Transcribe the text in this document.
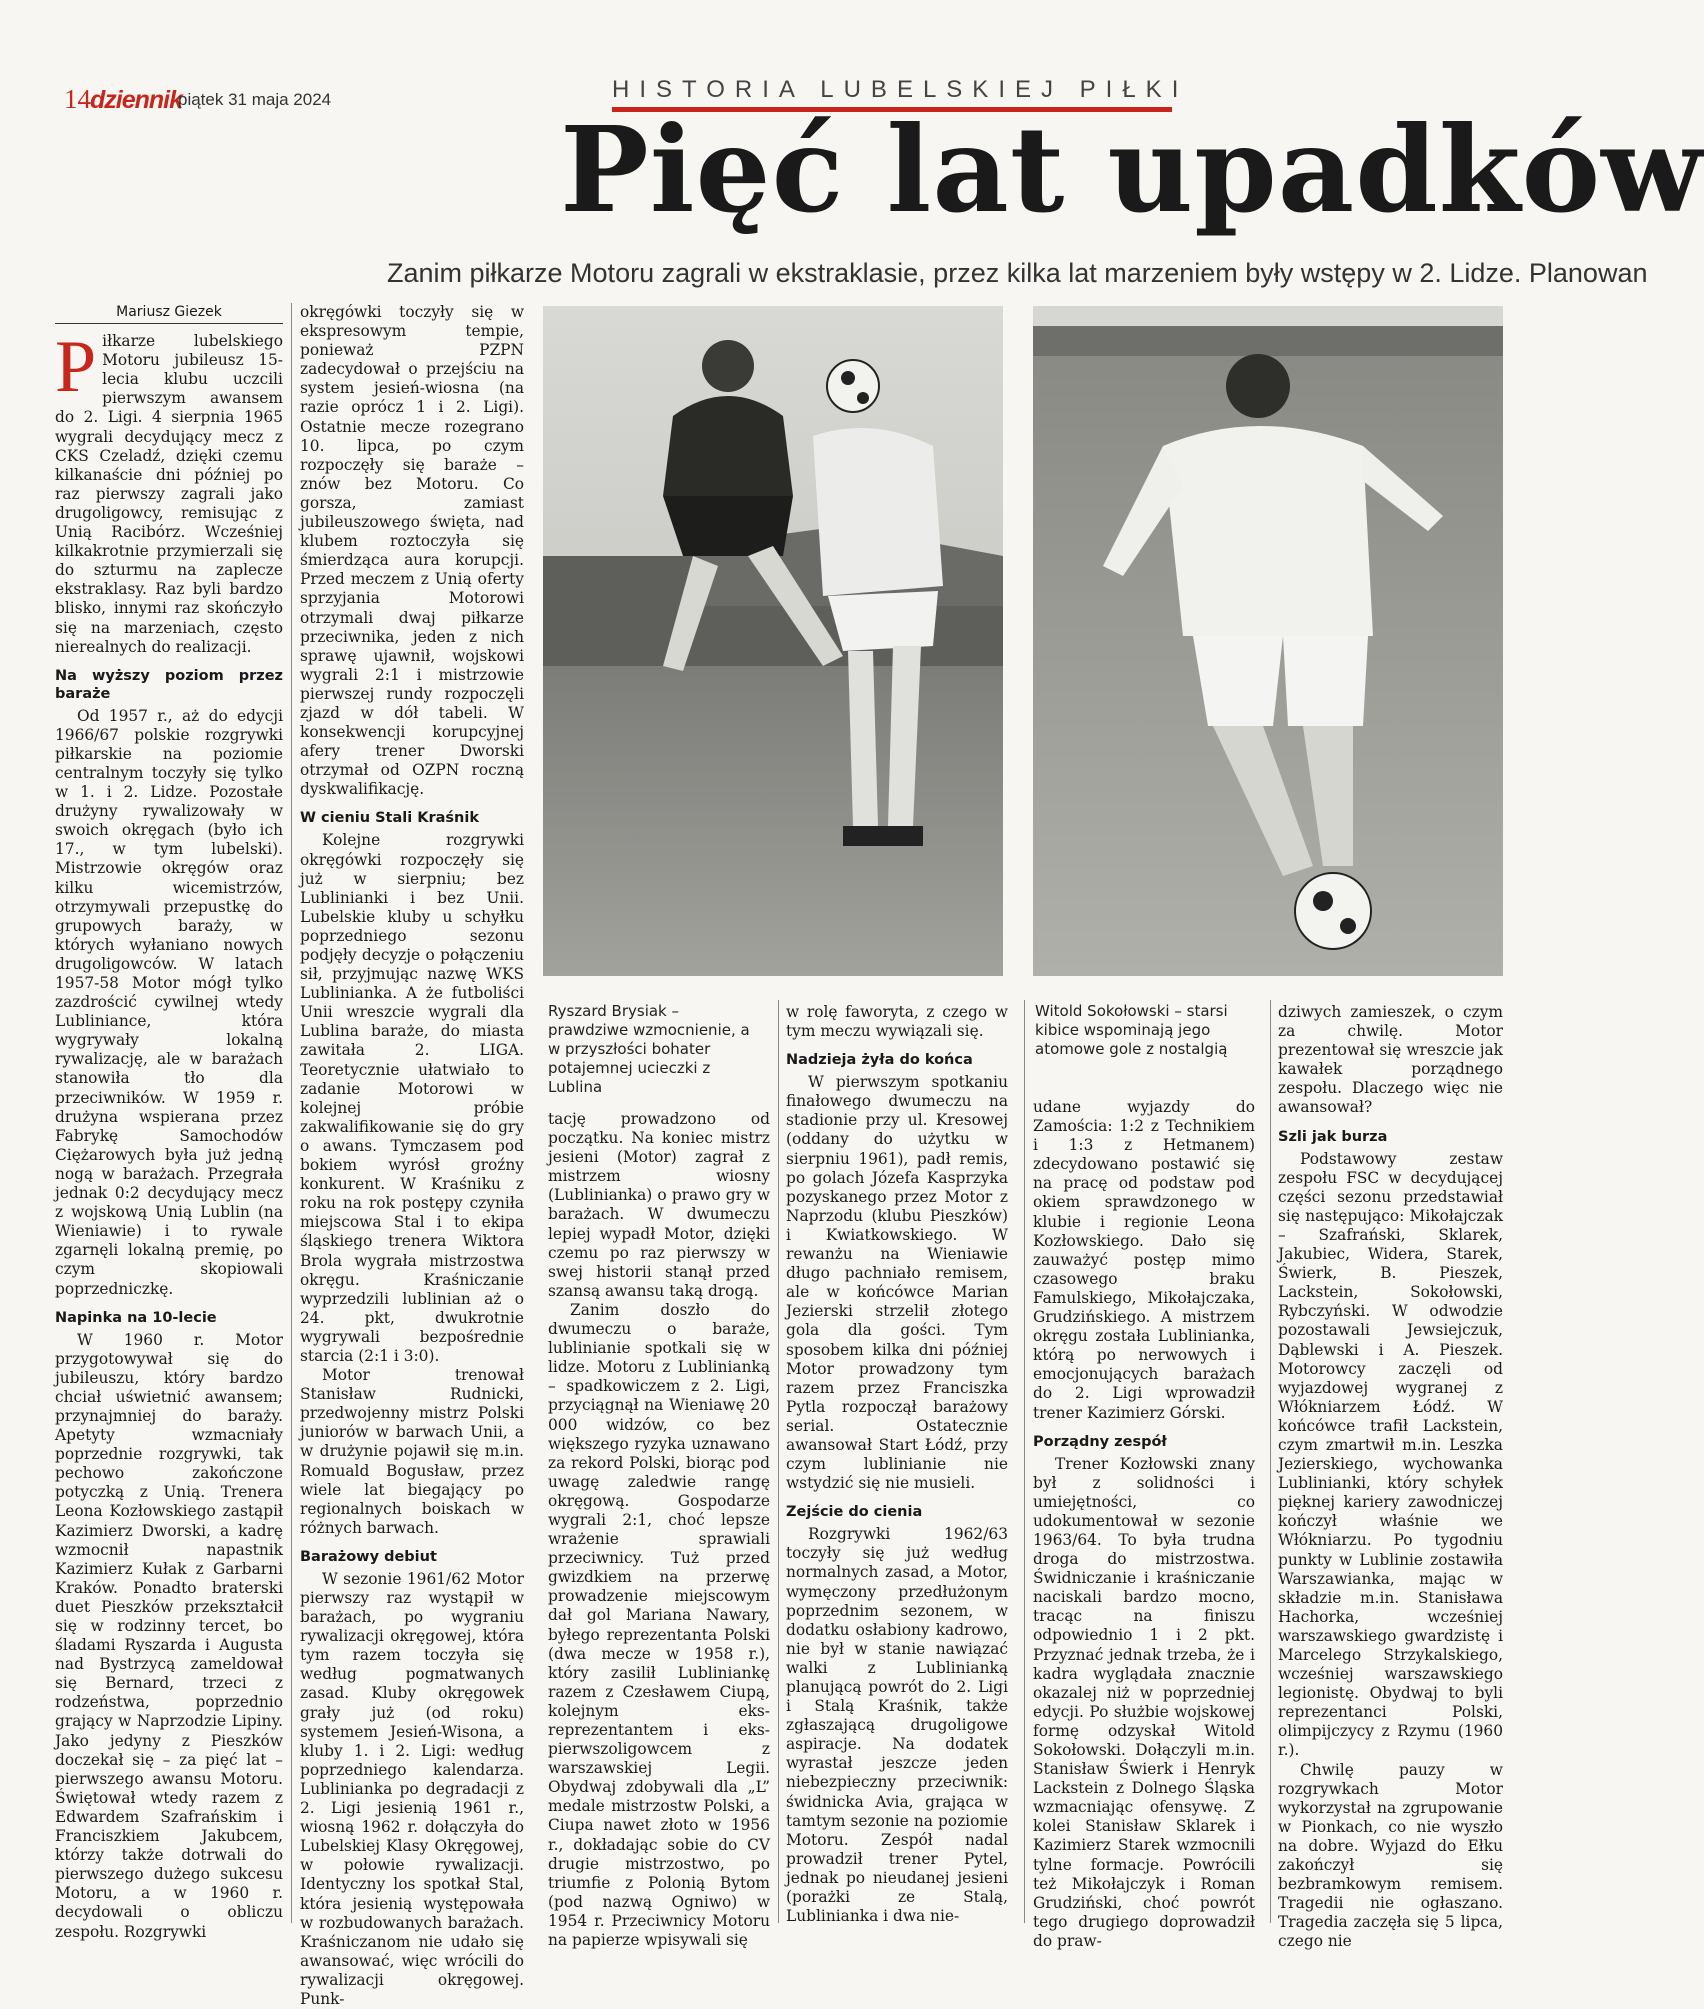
14 dziennik
piątek 31 maja 2024	HISTORIA LUBELSKIEJ PIŁKI
Pięć lat upadków
Zanim piłkarze Motoru zagrali w ekstraklasie, przez kilka lat marzeniem były wstępy w 2. Lidze. Planowan
Mariusz Giezek

Piłkarze lubelskiego Motoru jubileusz 15-lecia klubu uczcili pierwszym awansem do 2. Ligi. 4 sierpnia 1965 wygrali decydujący mecz z CKS Czeladź, dzięki czemu kilkanaście dni później po raz pierwszy zagrali jako drugoligowcy, remisując z Unią Racibórz. Wcześniej kilkakrotnie przymierzali się do szturmu na zaplecze ekstraklasy. Raz byli bardzo blisko, innymi raz skończyło się na marzeniach, często nierealnych do realizacji.

Na wyższy poziom przez baraże

Od 1957 r., aż do edycji 1966/67 polskie rozgrywki piłkarskie na poziomie centralnym toczyły się tylko w 1. i 2. Lidze. Pozostałe drużyny rywalizowały w swoich okręgach (było ich 17., w tym lubelski). Mistrzowie okręgów oraz kilku wicemistrzów, otrzymywali przepustkę do grupowych baraży, w których wyłaniano nowych drugoligowców. W latach 1957-58 Motor mógł tylko zazdrościć cywilnej wtedy Lubliniance, która wygrywały lokalną rywalizację, ale w barażach stanowiła tło dla przeciwników. W 1959 r. drużyna wspierana przez Fabrykę Samochodów Ciężarowych była już jedną nogą w barażach. Przegrała jednak 0:2 decydujący mecz z wojskową Unią Lublin (na Wieniawie) i to rywale zgarnęli lokalną premię, po czym skopiowali poprzedniczkę.

Napinka na 10-lecie

W 1960 r. Motor przygotowywał się do jubileuszu, który bardzo chciał uświetnić awansem; przynajmniej do baraży. Apetyty wzmacniały poprzednie rozgrywki, tak pechowo zakończone potyczką z Unią. Trenera Leona Kozłowskiego zastąpił Kazimierz Dworski, a kadrę wzmocnił napastnik Kazimierz Kułak z Garbarni Kraków. Ponadto braterski duet Pieszków przekształcił się w rodzinny tercet, bo śladami Ryszarda i Augusta nad Bystrzycą zameldował się Bernard, trzeci z rodzeństwa, poprzednio grający w Naprzodzie Lipiny. Jako jedyny z Pieszków doczekał się – za pięć lat – pierwszego awansu Motoru. Świętował wtedy razem z Edwardem Szafrańskim i Franciszkiem Jakubcem, którzy także dotrwali do pierwszego dużego sukcesu Motoru, a w 1960 r. decydowali o obliczu zespołu. Rozgrywki

okręgówki toczyły się w ekspresowym tempie, ponieważ PZPN zadecydował o przejściu na system jesień-wiosna (na razie oprócz 1 i 2. Ligi). Ostatnie mecze rozegrano 10. lipca, po czym rozpoczęły się baraże – znów bez Motoru. Co gorsza, zamiast jubileuszowego święta, nad klubem roztoczyła się śmierdząca aura korupcji. Przed meczem z Unią oferty sprzyjania Motorowi otrzymali dwaj piłkarze przeciwnika, jeden z nich sprawę ujawnił, wojskowi wygrali 2:1 i mistrzowie pierwszej rundy rozpoczęli zjazd w dół tabeli. W konsekwencji korupcyjnej afery trener Dworski otrzymał od OZPN roczną dyskwalifikację.

W cieniu Stali Kraśnik

Kolejne rozgrywki okręgówki rozpoczęły się już w sierpniu; bez Lublinianki i bez Unii. Lubelskie kluby u schyłku poprzedniego sezonu podjęły decyzje o połączeniu sił, przyjmując nazwę WKS Lublinianka. A że futboliści Unii wreszcie wygrali dla Lublina baraże, do miasta zawitała 2. LIGA. Teoretycznie ułatwiało to zadanie Motorowi w kolejnej próbie zakwalifikowanie się do gry o awans. Tymczasem pod bokiem wyrósł groźny konkurent. W Kraśniku z roku na rok postępy czyniła miejscowa Stal i to ekipa śląskiego trenera Wiktora Brola wygrała mistrzostwa okręgu. Kraśniczanie wyprzedzili lublinian aż o 24. pkt, dwukrotnie wygrywali bezpośrednie starcia (2:1 i 3:0).

Motor trenował Stanisław Rudnicki, przedwojenny mistrz Polski juniorów w barwach Unii, a w drużynie pojawił się m.in. Romuald Bogusław, przez wiele lat biegający po regionalnych boiskach w różnych barwach.

Barażowy debiut

W sezonie 1961/62 Motor pierwszy raz wystąpił w barażach, po wygraniu rywalizacji okręgowej, która tym razem toczyła się według pogmatwanych zasad. Kluby okręgowek grały już (od roku) systemem Jesień-Wisona, a kluby 1. i 2. Ligi: według poprzedniego kalendarza. Lublinianka po degradacji z 2. Ligi jesienią 1961 r., wiosną 1962 r. dołączyła do Lubelskiej Klasy Okręgowej, w połowie rywalizacji. Identyczny los spotkał Stal, która jesienią występowała w rozbudowanych barażach. Kraśniczanom nie udało się awansować, więc wrócili do rywalizacji okręgowej. Punk-

Ryszard Brysiak – prawdziwe wzmocnienie, a w przyszłości bohater potajemnej ucieczki z Lublina

w rolę faworyta, z czego w tym meczu wywiązali się.

Nadzieja żyła do końca

W pierwszym spotkaniu finałowego dwumeczu na stadionie przy ul. Kresowej (oddany do użytku w sierpniu 1961), padł remis, po golach Józefa Kasprzyka pozyskanego przez Motor z Naprzodu (klubu Pieszków) i Kwiatkowskiego. W rewanżu na Wieniawie długo pachniało remisem, ale w końcówce Marian Jezierski strzelił złotego gola dla gości. Tym sposobem kilka dni później Motor prowadzony tym razem przez Franciszka Pytla rozpoczął barażowy serial. Ostatecznie awansował Start Łódź, przy czym lublinianie nie wstydzić się nie musieli.

Zejście do cienia

Rozgrywki 1962/63 toczyły się już według normalnych zasad, a Motor, wymęczony przedłużonym poprzednim sezonem, w dodatku osłabiony kadrowo, nie był w stanie nawiązać walki z Lublinianką planującą powrót do 2. Ligi i Stalą Kraśnik, także zgłaszającą drugoligowe aspiracje. Na dodatek wyrastał jeszcze jeden niebezpieczny przeciwnik: świdnicka Avia, grająca w tamtym sezonie na poziomie Motoru. Zespół nadal prowadził trener Pytel, jednak po nieudanej jesieni (porażki ze Stalą, Lublinianka i dwa nie-

tację prowadzono od początku. Na koniec mistrz jesieni (Motor) zagrał z mistrzem wiosny (Lublinianka) o prawo gry w barażach. W dwumeczu lepiej wypadł Motor, dzięki czemu po raz pierwszy w swej historii stanął przed szansą awansu taką drogą.

Zanim doszło do dwumeczu o baraże, lublinianie spotkali się w lidze. Motoru z Lublinianką – spadkowiczem z 2. Ligi, przyciągnął na Wieniawę 20 000 widzów, co bez większego ryzyka uznawano za rekord Polski, biorąc pod uwagę zaledwie rangę okręgową. Gospodarze wygrali 2:1, choć lepsze wrażenie sprawiali przeciwnicy. Tuż przed gwizdkiem na przerwę prowadzenie miejscowym dał gol Mariana Nawary, byłego reprezentanta Polski (dwa mecze w 1958 r.), który zasilił Lubliniankę razem z Czesławem Ciupą, kolejnym eks-reprezentantem i eks-pierwszoligowcem z warszawskiej Legii. Obydwaj zdobywali dla „L” medale mistrzostw Polski, a Ciupa nawet złoto w 1956 r., dokładając sobie do CV drugie mistrzostwo, po triumfie z Polonią Bytom (pod nazwą Ogniwo) w 1954 r. Przeciwnicy Motoru na papierze wpisywali się

Witold Sokołowski – starsi kibice wspominają jego atomowe gole z nostalgią

udane wyjazdy do Zamościa: 1:2 z Technikiem i 1:3 z Hetmanem) zdecydowano postawić się na pracę od podstaw pod okiem sprawdzonego w klubie i regionie Leona Kozłowskiego. Dało się zauważyć postęp mimo czasowego braku Famulskiego, Mikołajczaka, Grudzińskiego. A mistrzem okręgu została Lublinianka, którą po nerwowych i emocjonujących barażach do 2. Ligi wprowadził trener Kazimierz Górski.

Porządny zespół

Trener Kozłowski znany był z solidności i umiejętności, co udokumentował w sezonie 1963/64. To była trudna droga do mistrzostwa. Świdniczanie i kraśniczanie naciskali bardzo mocno, tracąc na finiszu odpowiednio 1 i 2 pkt. Przyznać jednak trzeba, że i kadra wyglądała znacznie okazalej niż w poprzedniej edycji. Po służbie wojskowej formę odzyskał Witold Sokołowski. Dołączyli m.in. Stanisław Świerk i Henryk Lackstein z Dolnego Śląska wzmacniając ofensywę. Z kolei Stanisław Sklarek i Kazimierz Starek wzmocnili tylne formacje. Powrócili też Mikołajczyk i Roman Grudziński, choć powrót tego drugiego doprowadził do praw-

dziwych zamieszek, o czym za chwilę. Motor prezentował się wreszcie jak kawałek porządnego zespołu. Dlaczego więc nie awansował?

Szli jak burza

Podstawowy zestaw zespołu FSC w decydującej części sezonu przedstawiał się następująco: Mikołajczak – Szafrański, Sklarek, Jakubiec, Widera, Starek, Świerk, B. Pieszek, Lackstein, Sokołowski, Rybczyński. W odwodzie pozostawali Jewsiejczuk, Dąblewski i A. Pieszek. Motorowcy zaczęli od wyjazdowej wygranej z Włókniarzem Łódź. W końcówce trafił Lackstein, czym zmartwił m.in. Leszka Jezierskiego, wychowanka Lublinianki, który schyłek pięknej kariery zawodniczej kończył właśnie we Włókniarzu. Po tygodniu punkty w Lublinie zostawiła Warszawianka, mając w składzie m.in. Stanisława Hachorka, wcześniej warszawskiego gwardzistę i Marcelego Strzykalskiego, wcześniej warszawskiego legionistę. Obydwaj to byli reprezentanci Polski, olimpijczycy z Rzymu (1960 r.).

Chwilę pauzy w rozgrywkach Motor wykorzystał na zgrupowanie w Pionkach, co nie wyszło na dobre. Wyjazd do Ełku zakończył się bezbramkowym remisem. Tragedii nie ogłaszano. Tragedia zaczęła się 5 lipca, czego nie
